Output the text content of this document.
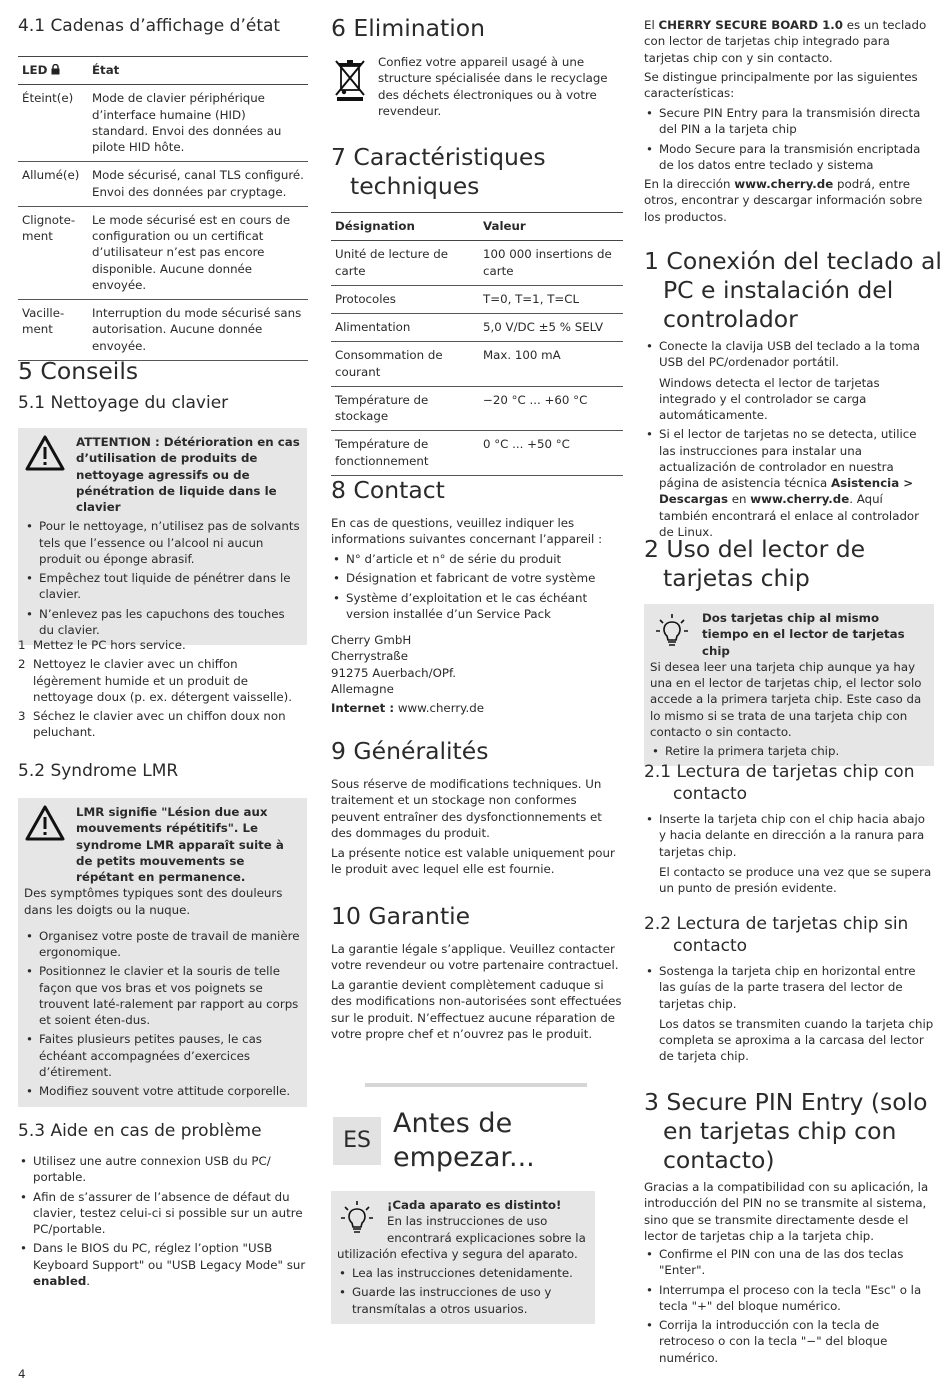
4.1 Cadenas d’affichage d’état
LED	État
Éteint(e)	Mode de clavier périphérique d’interface humaine (HID) standard. Envoi des données au pilote HID hôte.
Allumé(e)	Mode sécurisé, canal TLS configuré. Envoi des données par cryptage.
Clignote-ment	Le mode sécurisé est en cours de configuration ou un certificat d’utilisateur n’est pas encore disponible. Aucune donnée envoyée.
Vacille-ment	Interruption du mode sécurisé sans autorisation. Aucune donnée envoyée.
5 Conseils
5.1 Nettoyage du clavier
ATTENTION : Détérioration en cas d’utilisation de produits de nettoyage agressifs ou de pénétration de liquide dans le clavier
• Pour le nettoyage, n’utilisez pas de solvants tels que l’essence ou l’alcool ni aucun produit ou éponge abrasif.
• Empêchez tout liquide de pénétrer dans le clavier.
• N’enlevez pas les capuchons des touches du clavier.
1 Mettez le PC hors service.
2 Nettoyez le clavier avec un chiffon légèrement humide et un produit de nettoyage doux (p. ex. détergent vaisselle).
3 Séchez le clavier avec un chiffon doux non peluchant.
5.2 Syndrome LMR
LMR signifie "Lésion due aux mouvements répétitifs". Le syndrome LMR apparaît suite à de petits mouvements se répétant en permanence.

Des symptômes typiques sont des douleurs dans les doigts ou la nuque.

• Organisez votre poste de travail de manière ergonomique.
• Positionnez le clavier et la souris de telle façon que vos bras et vos poignets se trouvent laté-ralement par rapport au corps et soient éten-dus.
• Faites plusieurs petites pauses, le cas échéant accompagnées d’exercices d’étirement.
• Modifiez souvent votre attitude corporelle.
5.3 Aide en cas de problème
• Utilisez une autre connexion USB du PC/ portable.
• Afin de s’assurer de l’absence de défaut du clavier, testez celui-ci si possible sur un autre PC/portable.
• Dans le BIOS du PC, réglez l’option "USB Keyboard Support" ou "USB Legacy Mode" sur enabled.
4
6 Elimination

Confiez votre appareil usagé à une structure spécialisée dans le recyclage des déchets électroniques ou à votre revendeur.

7 Caractéristiques techniques
Désignation	Valeur
Unité de lecture de carte	100 000 insertions de carte
Protocoles	T=0, T=1, T=CL
Alimentation	5,0 V/DC ±5 % SELV
Consommation de courant	Max. 100 mA
Température de stockage	−20 °C ... +60 °C
Température de fonctionnement	0 °C ... +50 °C
8 Contact

En cas de questions, veuillez indiquer les informations suivantes concernant l’appareil :

• N° d’article et n° de série du produit
• Désignation et fabricant de votre système
• Système d’exploitation et le cas échéant version installée d’un Service Pack
Cherry GmbH
Cherrystraße
91275 Auerbach/OPf.
Allemagne
Internet : www.cherry.de
9 Généralités

Sous réserve de modifications techniques. Un traitement et un stockage non conformes peuvent entraîner des dysfonctionnements et des dommages du produit.

La présente notice est valable uniquement pour le produit avec lequel elle est fournie.

10 Garantie

La garantie légale s’applique. Veuillez contacter votre revendeur ou votre partenaire contractuel.

La garantie devient complètement caduque si des modifications non-autorisées sont effectuées sur le produit. N’effectuez aucune réparation de votre propre chef et n’ouvrez pas le produit.

ES
Antes de empezar...
¡Cada aparato es distinto!

En las instrucciones de uso encontrará explicaciones sobre la utilización efectiva y segura del aparato.

• Lea las instrucciones detenidamente.
• Guarde las instrucciones de uso y transmítalas a otros usuarios.

El CHERRY SECURE BOARD 1.0 es un teclado con lector de tarjetas chip integrado para tarjetas chip con y sin contacto.

Se distingue principalmente por las siguientes características:

• Secure PIN Entry para la transmisión directa del PIN a la tarjeta chip
• Modo Secure para la transmisión encriptada de los datos entre teclado y sistema

En la dirección www.cherry.de podrá, entre otros, encontrar y descargar información sobre los productos.

1 Conexión del teclado al PC e instalación del controlador
• Conecte la clavija USB del teclado a la toma USB del PC/ordenador portátil.

Windows detecta el lector de tarjetas integrado y el controlador se carga automáticamente.

• Si el lector de tarjetas no se detecta, utilice las instrucciones para instalar una actualización de controlador en nuestra página de asistencia técnica Asistencia > Descargas en www.cherry.de. Aquí también encontrará el enlace al controlador de Linux.
2 Uso del lector de tarjetas chip
Dos tarjetas chip al mismo tiempo en el lector de tarjetas chip

Si desea leer una tarjeta chip aunque ya hay una en el lector de tarjetas chip, el lector solo accede a la primera tarjeta chip. Este caso da lo mismo si se trata de una tarjeta chip con contacto o sin contacto.

• Retire la primera tarjeta chip.
2.1 Lectura de tarjetas chip con contacto
• Inserte la tarjeta chip con el chip hacia abajo y hacia delante en dirección a la ranura para tarjetas chip.

El contacto se produce una vez que se supera un punto de presión evidente.

2.2 Lectura de tarjetas chip sin contacto
• Sostenga la tarjeta chip en horizontal entre las guías de la parte trasera del lector de tarjetas chip.

Los datos se transmiten cuando la tarjeta chip completa se aproxima a la carcasa del lector de tarjeta chip.

3 Secure PIN Entry (solo en tarjetas chip con contacto)

Gracias a la compatibilidad con su aplicación, la introducción del PIN no se transmite al sistema, sino que se transmite directamente desde el lector de tarjetas chip a la tarjeta chip.

• Confirme el PIN con una de las dos teclas "Enter".
• Interrumpa el proceso con la tecla "Esc" o la tecla "+" del bloque numérico.
• Corrija la introducción con la tecla de retroceso o con la tecla "−" del bloque numérico.
